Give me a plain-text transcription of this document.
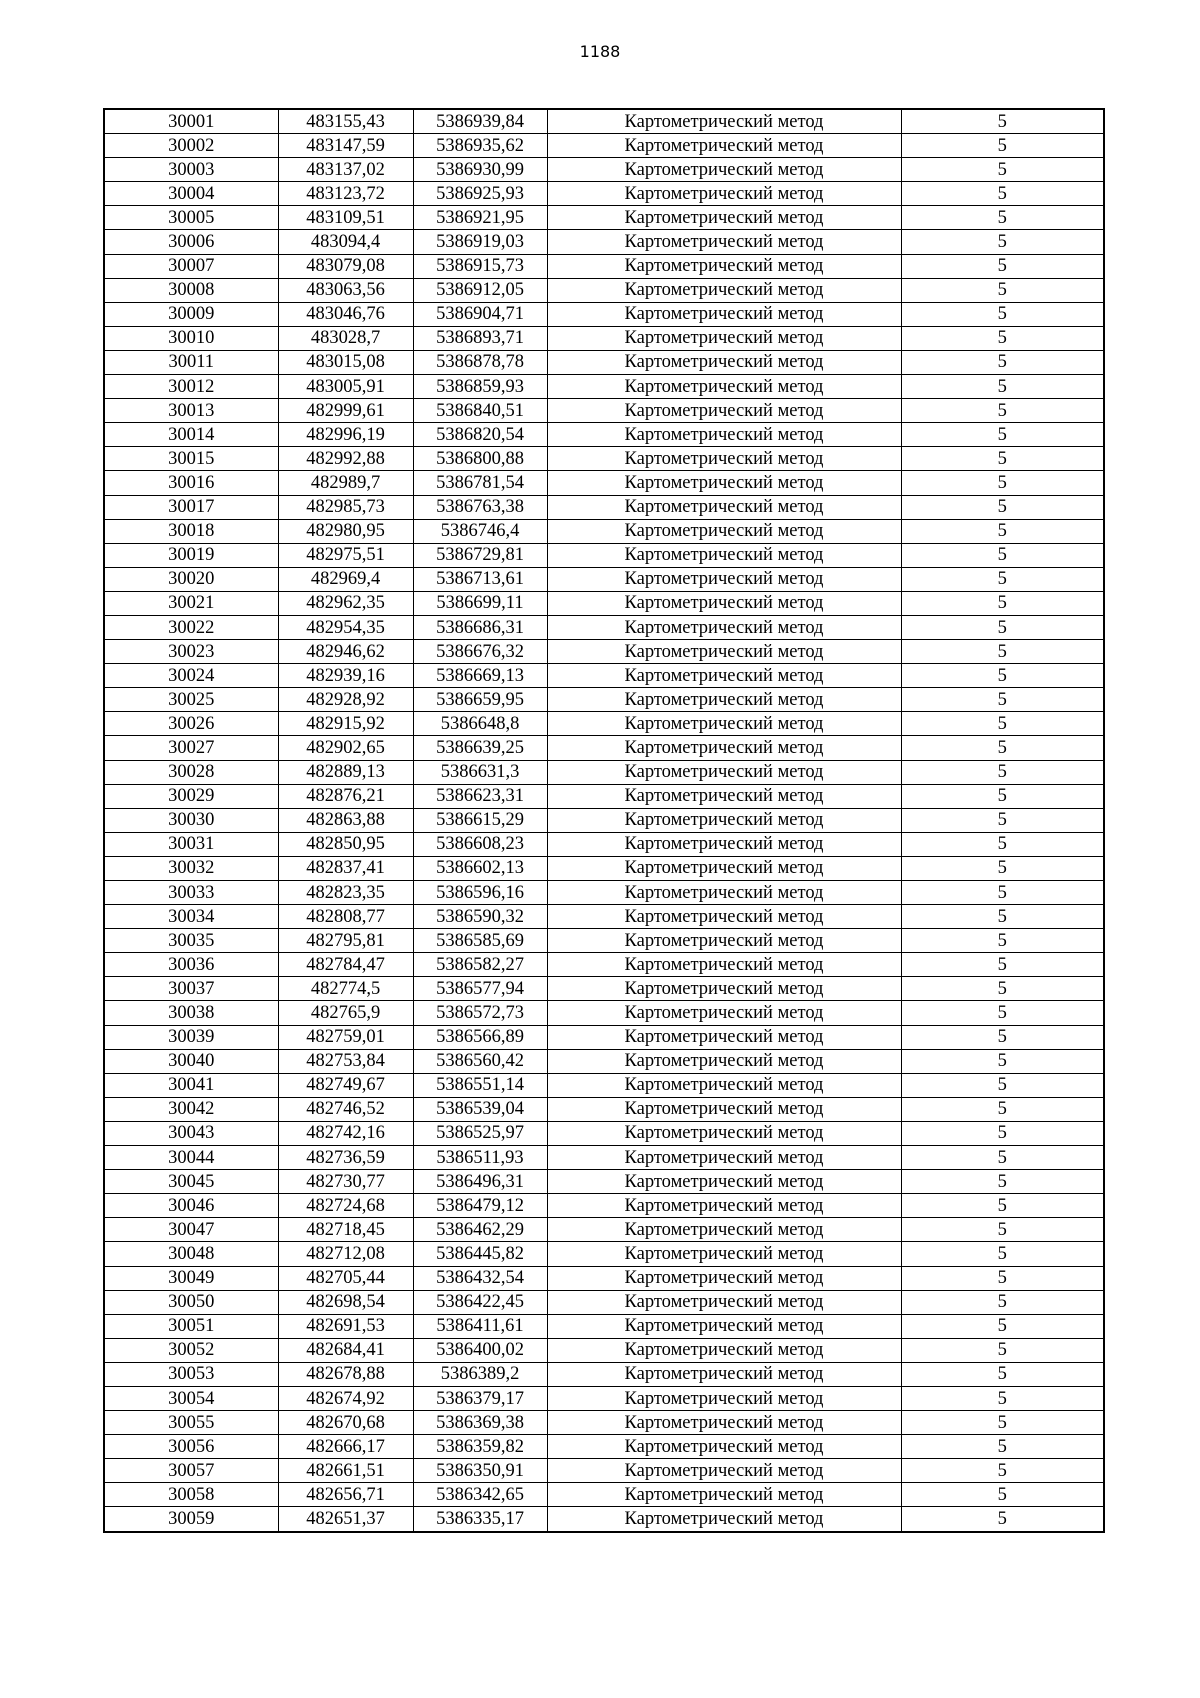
1188
30001	483155,43	5386939,84	Картометрический метод	5
30002	483147,59	5386935,62	Картометрический метод	5
30003	483137,02	5386930,99	Картометрический метод	5
30004	483123,72	5386925,93	Картометрический метод	5
30005	483109,51	5386921,95	Картометрический метод	5
30006	483094,4	5386919,03	Картометрический метод	5
30007	483079,08	5386915,73	Картометрический метод	5
30008	483063,56	5386912,05	Картометрический метод	5
30009	483046,76	5386904,71	Картометрический метод	5
30010	483028,7	5386893,71	Картометрический метод	5
30011	483015,08	5386878,78	Картометрический метод	5
30012	483005,91	5386859,93	Картометрический метод	5
30013	482999,61	5386840,51	Картометрический метод	5
30014	482996,19	5386820,54	Картометрический метод	5
30015	482992,88	5386800,88	Картометрический метод	5
30016	482989,7	5386781,54	Картометрический метод	5
30017	482985,73	5386763,38	Картометрический метод	5
30018	482980,95	5386746,4	Картометрический метод	5
30019	482975,51	5386729,81	Картометрический метод	5
30020	482969,4	5386713,61	Картометрический метод	5
30021	482962,35	5386699,11	Картометрический метод	5
30022	482954,35	5386686,31	Картометрический метод	5
30023	482946,62	5386676,32	Картометрический метод	5
30024	482939,16	5386669,13	Картометрический метод	5
30025	482928,92	5386659,95	Картометрический метод	5
30026	482915,92	5386648,8	Картометрический метод	5
30027	482902,65	5386639,25	Картометрический метод	5
30028	482889,13	5386631,3	Картометрический метод	5
30029	482876,21	5386623,31	Картометрический метод	5
30030	482863,88	5386615,29	Картометрический метод	5
30031	482850,95	5386608,23	Картометрический метод	5
30032	482837,41	5386602,13	Картометрический метод	5
30033	482823,35	5386596,16	Картометрический метод	5
30034	482808,77	5386590,32	Картометрический метод	5
30035	482795,81	5386585,69	Картометрический метод	5
30036	482784,47	5386582,27	Картометрический метод	5
30037	482774,5	5386577,94	Картометрический метод	5
30038	482765,9	5386572,73	Картометрический метод	5
30039	482759,01	5386566,89	Картометрический метод	5
30040	482753,84	5386560,42	Картометрический метод	5
30041	482749,67	5386551,14	Картометрический метод	5
30042	482746,52	5386539,04	Картометрический метод	5
30043	482742,16	5386525,97	Картометрический метод	5
30044	482736,59	5386511,93	Картометрический метод	5
30045	482730,77	5386496,31	Картометрический метод	5
30046	482724,68	5386479,12	Картометрический метод	5
30047	482718,45	5386462,29	Картометрический метод	5
30048	482712,08	5386445,82	Картометрический метод	5
30049	482705,44	5386432,54	Картометрический метод	5
30050	482698,54	5386422,45	Картометрический метод	5
30051	482691,53	5386411,61	Картометрический метод	5
30052	482684,41	5386400,02	Картометрический метод	5
30053	482678,88	5386389,2	Картометрический метод	5
30054	482674,92	5386379,17	Картометрический метод	5
30055	482670,68	5386369,38	Картометрический метод	5
30056	482666,17	5386359,82	Картометрический метод	5
30057	482661,51	5386350,91	Картометрический метод	5
30058	482656,71	5386342,65	Картометрический метод	5
30059	482651,37	5386335,17	Картометрический метод	5
